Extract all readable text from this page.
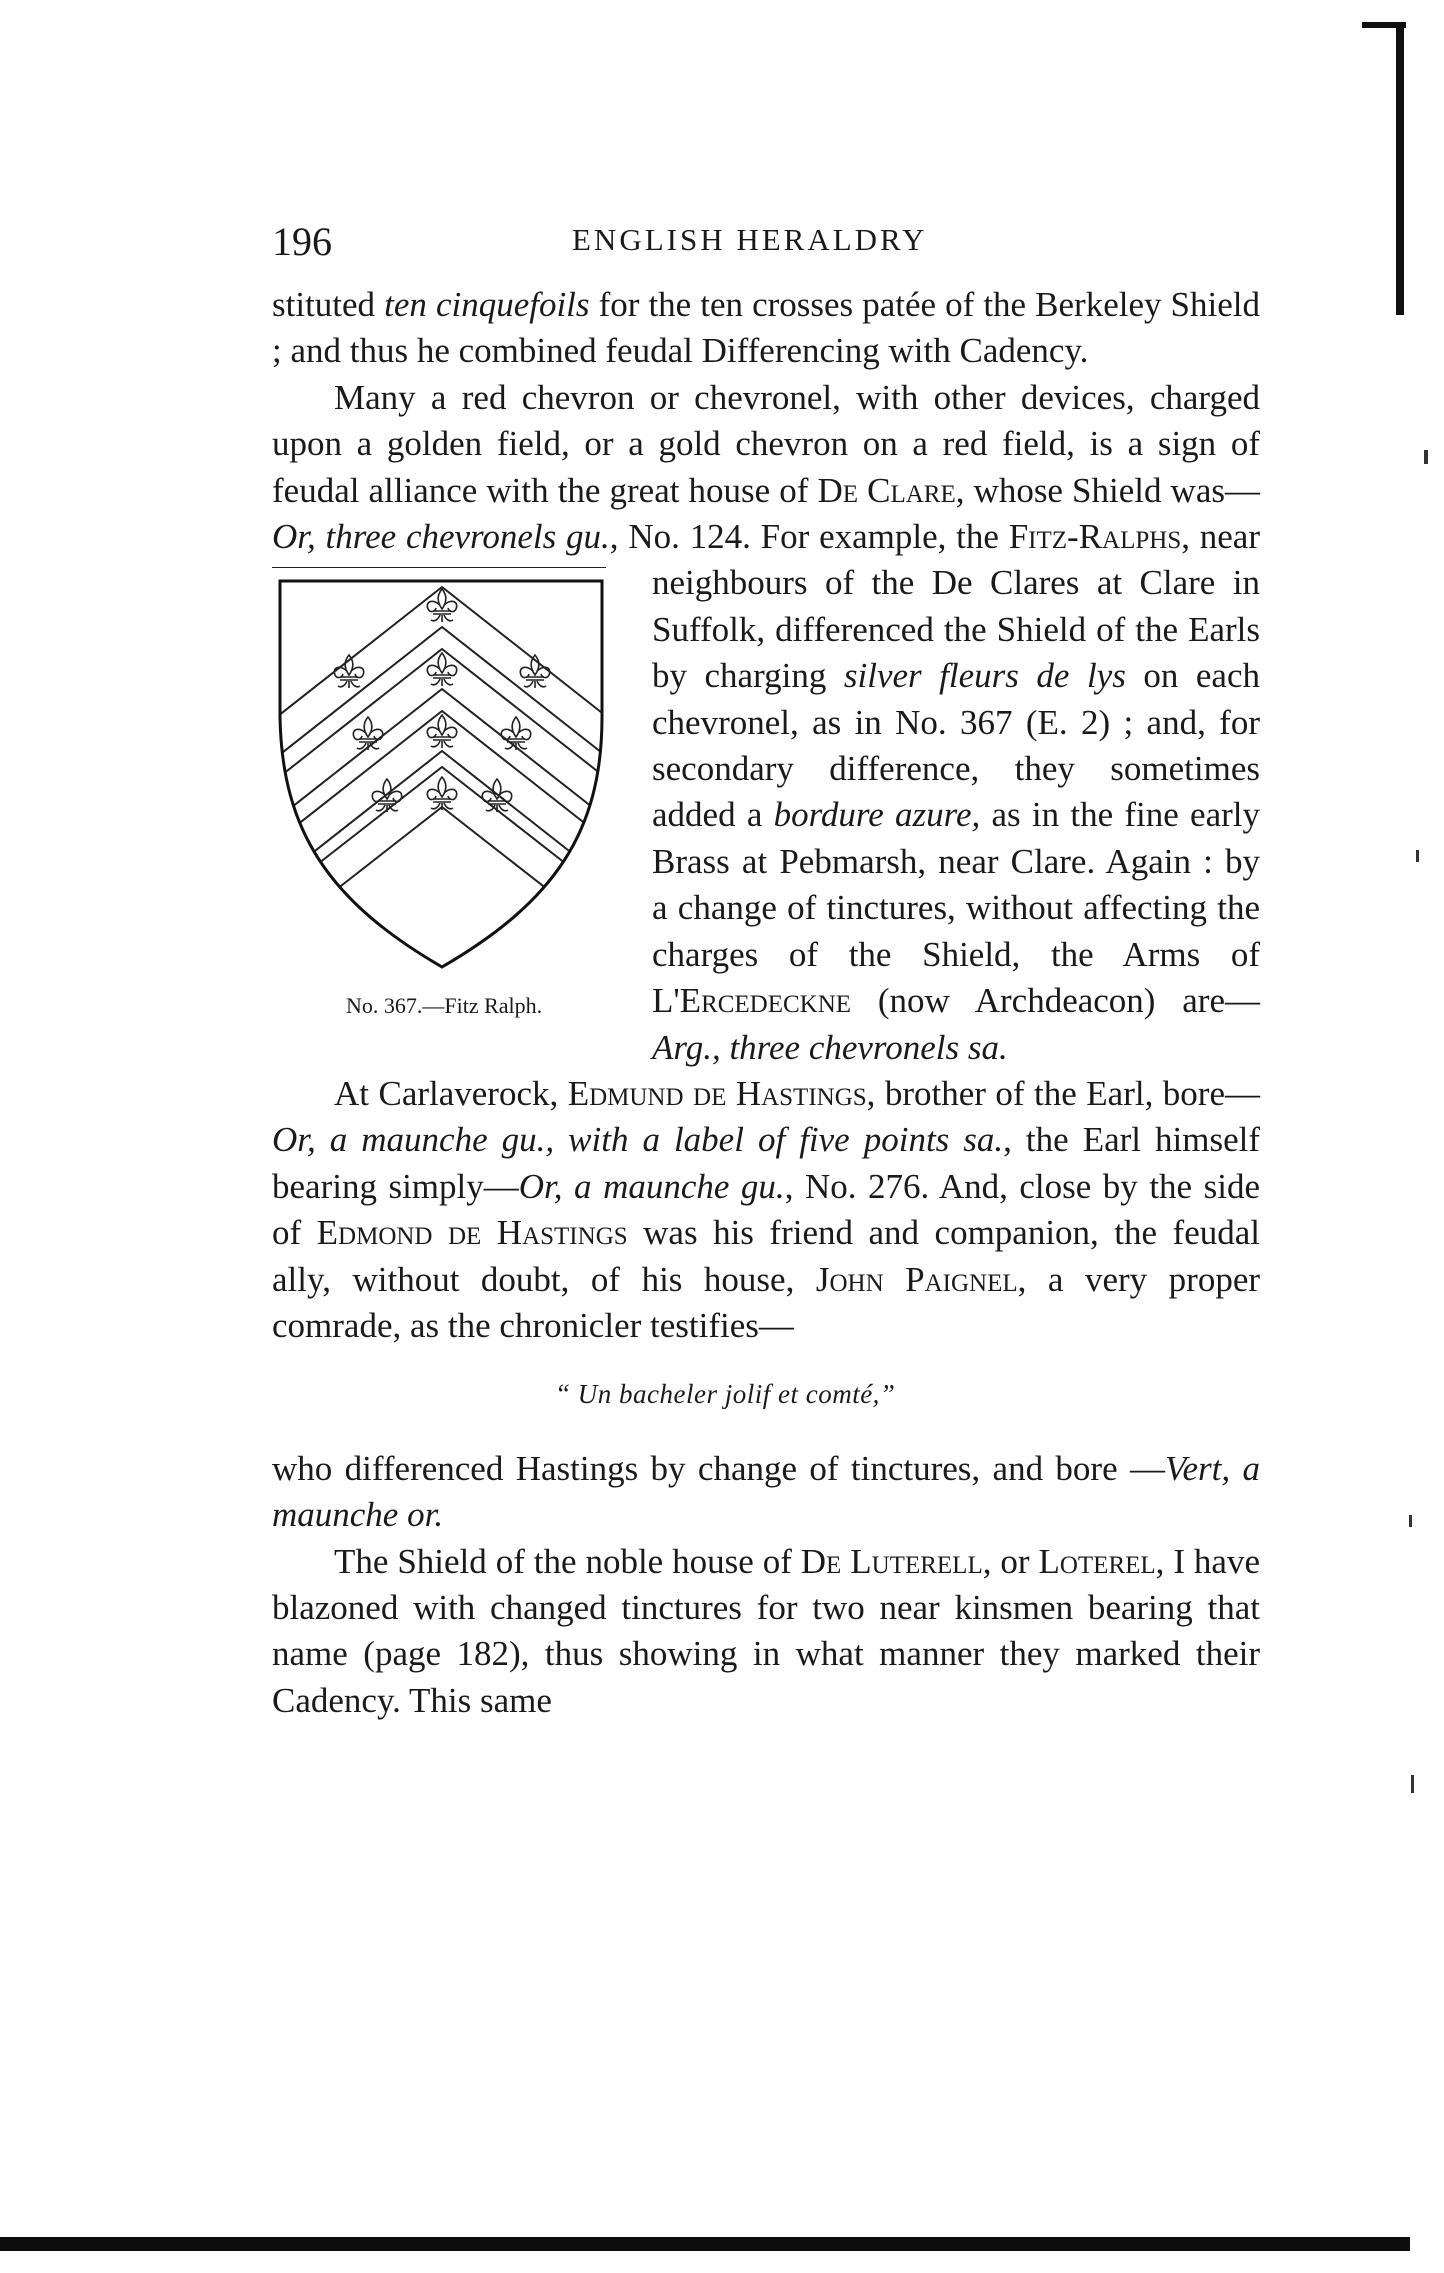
196	ENGLISH HERALDRY

stituted ten cinquefoils for the ten crosses patée of the Berkeley Shield ; and thus he combined feudal Differencing with Cadency.

Many a red chevron or chevronel, with other devices, charged upon a golden field, or a gold chevron on a red field, is a sign of feudal alliance with the great house of De Clare, whose Shield was—Or, three chevronels gu., No. 124. For example, the
No. 367.—Fitz Ralph.
Fitz-Ralphs, near neighbours of the De Clares at Clare in Suffolk, differenced the Shield of the Earls by charging silver fleurs de lys on each chevronel, as in No. 367 (E. 2) ; and, for secondary difference, they sometimes added a bordure azure, as in the fine early Brass at Pebmarsh, near Clare. Again : by a change of tinctures, without affecting the charges of the Shield, the Arms of L'Ercedeckne (now Archdeacon) are—Arg., three chevronels sa.

At Carlaverock, Edmund de Hastings, brother of the Earl, bore—Or, a maunche gu., with a label of five points sa., the Earl himself bearing simply—Or, a maunche gu., No. 276. And, close by the side of Edmond de Hastings was his friend and companion, the feudal ally, without doubt, of his house, John Paignel, a very proper comrade, as the chronicler testifies—

“ Un bacheler jolif et comté,”

who differenced Hastings by change of tinctures, and bore —Vert, a maunche or.

The Shield of the noble house of De Luterell, or Loterel, I have blazoned with changed tinctures for two near kinsmen bearing that name (page 182), thus showing in what manner they marked their Cadency. This same
